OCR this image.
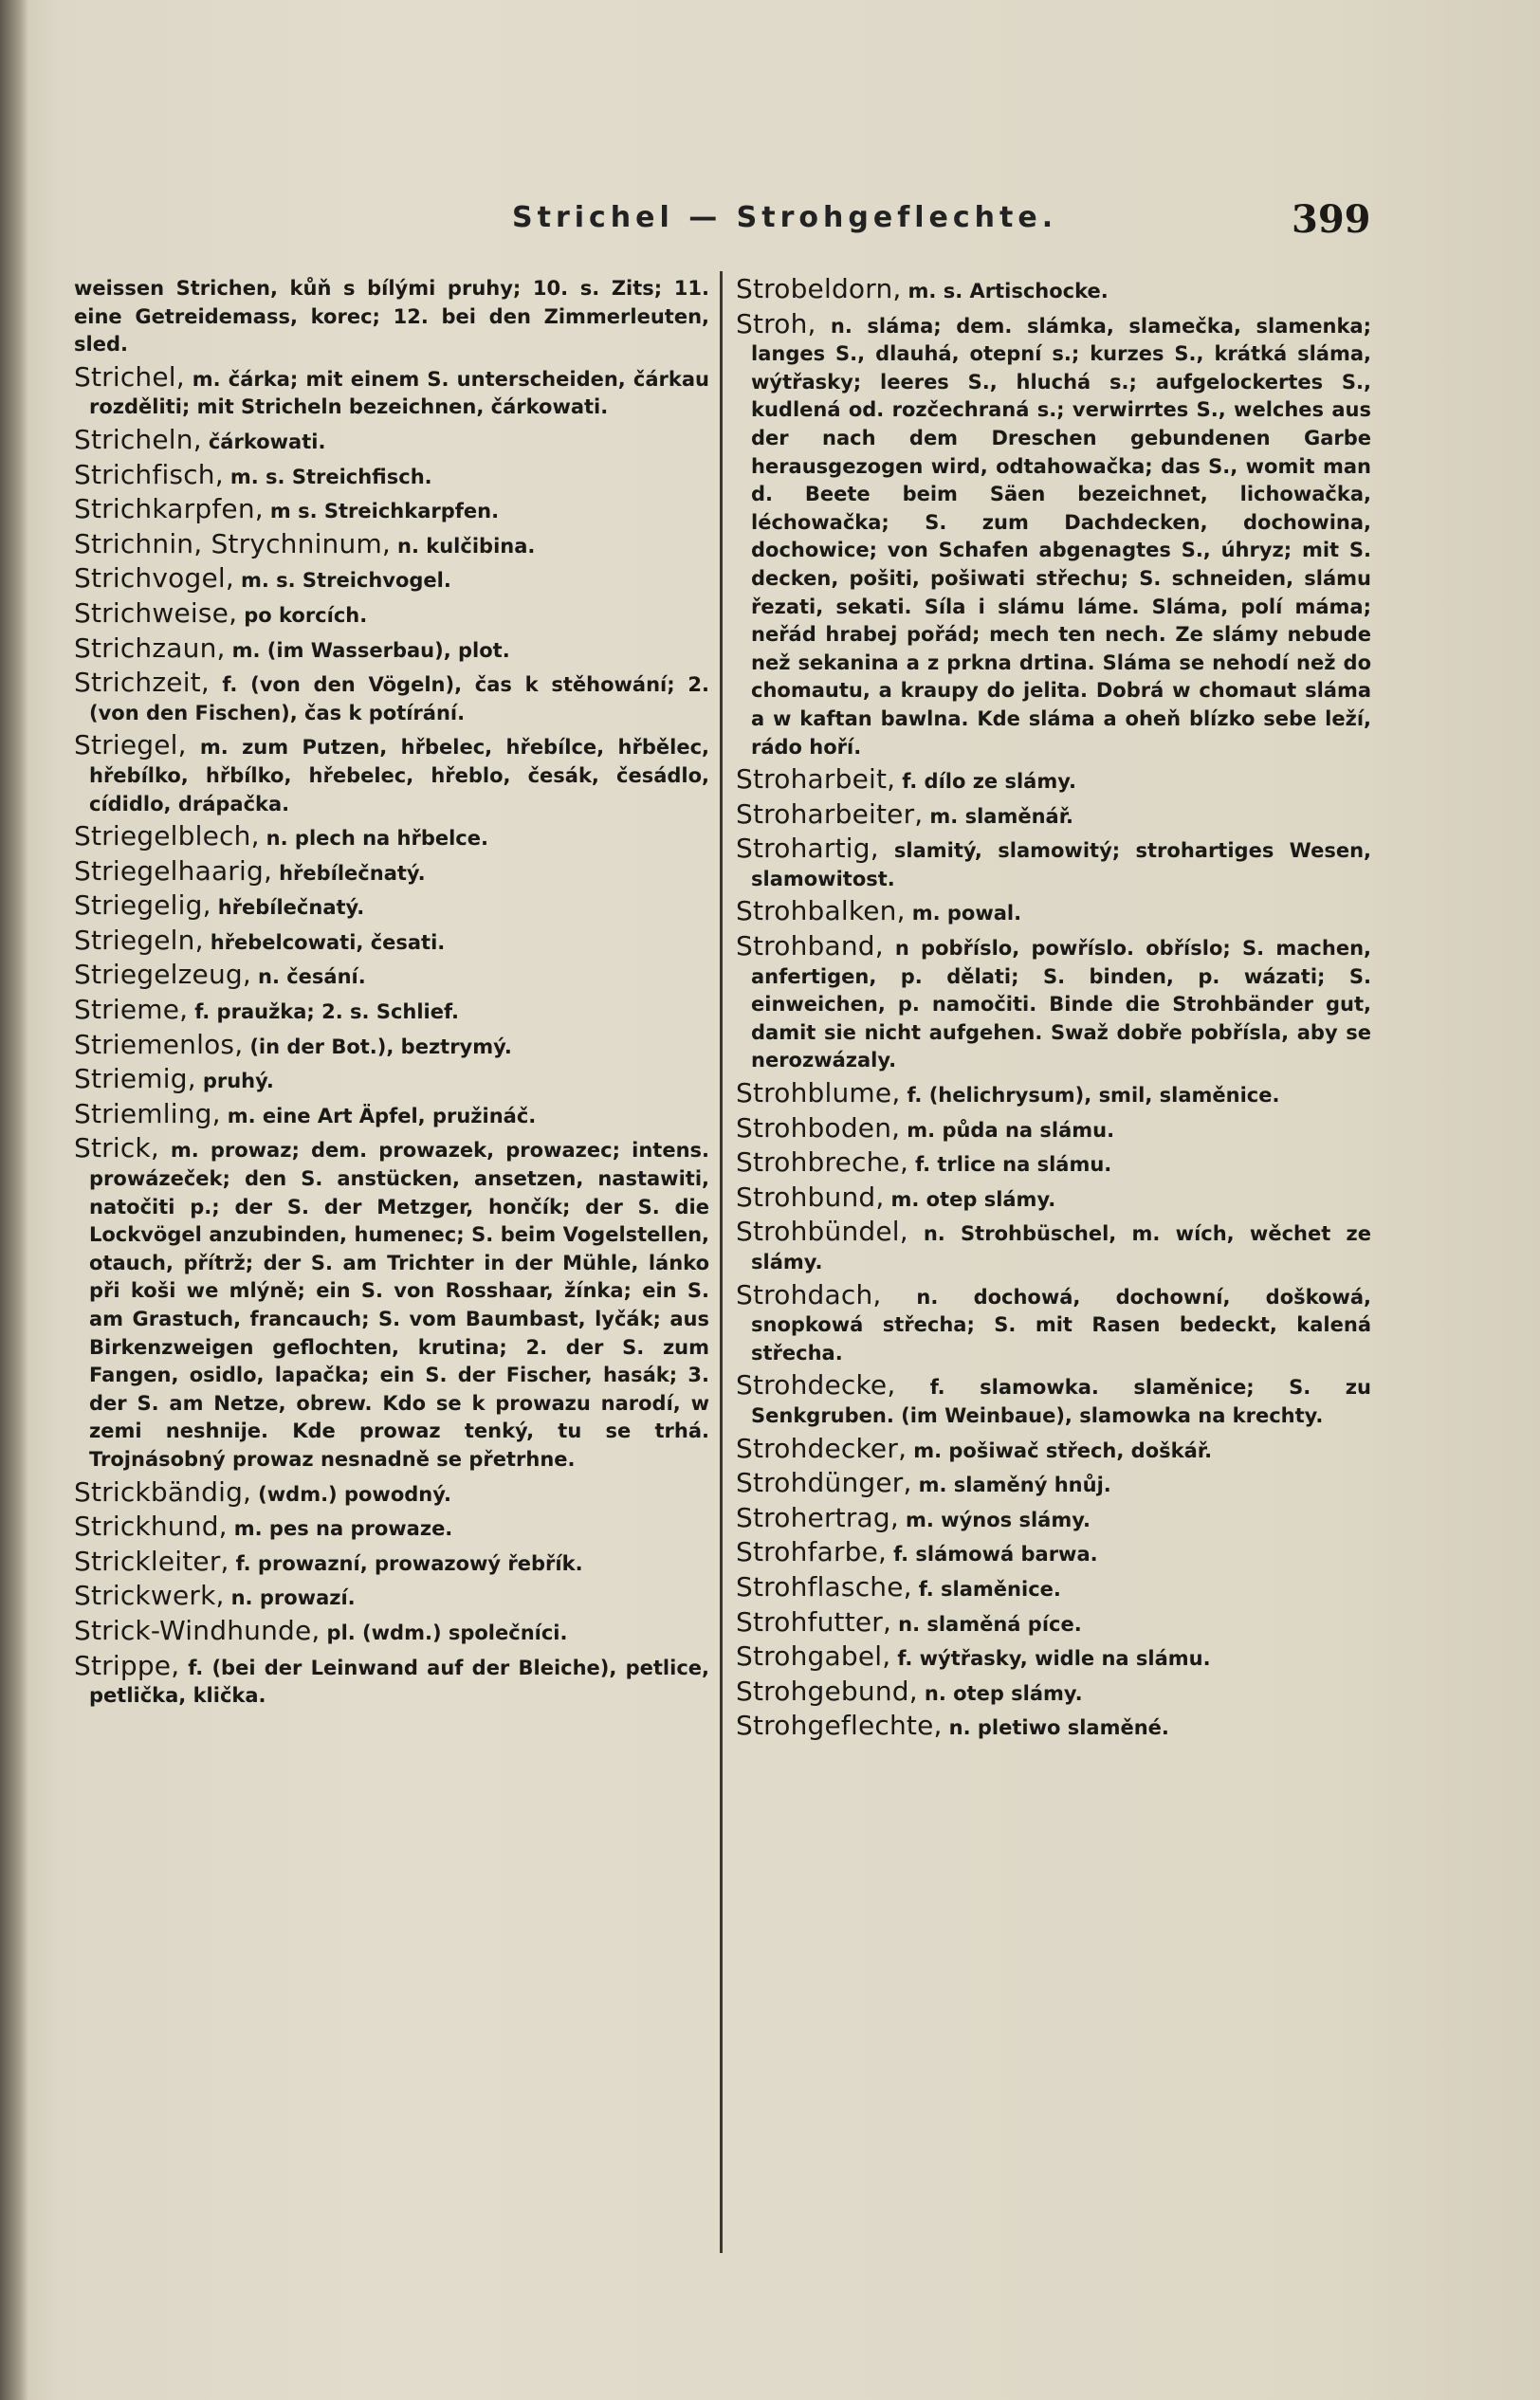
Strichel — Strohgeflechte.	399

weissen Strichen, kůň s bílými pruhy; 10. s. Zits; 11. eine Getreidemass, korec; 12. bei den Zimmerleuten, sled.

Strichel, m. čárka; mit einem S. unterscheiden, čárkau rozděliti; mit Stricheln bezeichnen, čárkowati.

Stricheln, čárkowati.

Strichfisch, m. s. Streichfisch.

Strichkarpfen, m s. Streichkarpfen.

Strichnin, Strychninum, n. kulčibina.

Strichvogel, m. s. Streichvogel.

Strichweise, po korcích.

Strichzaun, m. (im Wasserbau), plot.

Strichzeit, f. (von den Vögeln), čas k stěhowání; 2. (von den Fischen), čas k potírání.

Striegel, m. zum Putzen, hřbelec, hřebílce, hřbělec, hřebílko, hřbílko, hřebelec, hřeblo, česák, česádlo, cídidlo, drápačka.

Striegelblech, n. plech na hřbelce.

Striegelhaarig, hřebílečnatý.

Striegelig, hřebílečnatý.

Striegeln, hřebelcowati, česati.

Striegelzeug, n. česání.

Strieme, f. praužka; 2. s. Schlief.

Striemenlos, (in der Bot.), beztrymý.

Striemig, pruhý.

Striemling, m. eine Art Äpfel, pružináč.

Strick, m. prowaz; dem. prowazek, prowazec; intens. prowázeček; den S. anstücken, ansetzen, nastawiti, natočiti p.; der S. der Metzger, hončík; der S. die Lockvögel anzubinden, humenec; S. beim Vogelstellen, otauch, přítrž; der S. am Trichter in der Mühle, lánko při koši we mlýně; ein S. von Rosshaar, žínka; ein S. am Grastuch, francauch; S. vom Baumbast, lyčák; aus Birkenzweigen geflochten, krutina; 2. der S. zum Fangen, osidlo, lapačka; ein S. der Fischer, hasák; 3. der S. am Netze, obrew. Kdo se k prowazu narodí, w zemi neshnije. Kde prowaz tenký, tu se trhá. Trojnásobný prowaz nesnadně se přetrhne.

Strickbändig, (wdm.) powodný.

Strickhund, m. pes na prowaze.

Strickleiter, f. prowazní, prowazowý řebřík.

Strickwerk, n. prowazí.

Strick-Windhunde, pl. (wdm.) společníci.

Strippe, f. (bei der Leinwand auf der Bleiche), petlice, petlička, klička.

Strobeldorn, m. s. Artischocke.

Stroh, n. sláma; dem. slámka, slamečka, slamenka; langes S., dlauhá, otepní s.; kurzes S., krátká sláma, wýtřasky; leeres S., hluchá s.; aufgelockertes S., kudlená od. rozčechraná s.; verwirrtes S., welches aus der nach dem Dreschen gebundenen Garbe herausgezogen wird, odtahowačka; das S., womit man d. Beete beim Säen bezeichnet, lichowačka, léchowačka; S. zum Dachdecken, dochowina, dochowice; von Schafen abgenagtes S., úhryz; mit S. decken, pošiti, pošiwati střechu; S. schneiden, slámu řezati, sekati. Síla i slámu láme. Sláma, polí máma; neřád hrabej pořád; mech ten nech. Ze slámy nebude než sekanina a z prkna drtina. Sláma se nehodí než do chomautu, a kraupy do jelita. Dobrá w chomaut sláma a w kaftan bawlna. Kde sláma a oheň blízko sebe leží, rádo hoří.

Stroharbeit, f. dílo ze slámy.

Stroharbeiter, m. slaměnář.

Strohartig, slamitý, slamowitý; strohartiges Wesen, slamowitost.

Strohbalken, m. powal.

Strohband, n pobříslo, powříslo. obříslo; S. machen, anfertigen, p. dělati; S. binden, p. wázati; S. einweichen, p. namočiti. Binde die Strohbänder gut, damit sie nicht aufgehen. Swaž dobře pobřísla, aby se nerozwázaly.

Strohblume, f. (helichrysum), smil, slaměnice.

Strohboden, m. půda na slámu.

Strohbreche, f. trlice na slámu.

Strohbund, m. otep slámy.

Strohbündel, n. Strohbüschel, m. wích, wěchet ze slámy.

Strohdach, n. dochowá, dochowní, doškowá, snopkowá střecha; S. mit Rasen bedeckt, kalená střecha.

Strohdecke, f. slamowka. slaměnice; S. zu Senkgruben. (im Weinbaue), slamowka na krechty.

Strohdecker, m. pošiwač střech, doškář.

Strohdünger, m. slaměný hnůj.

Strohertrag, m. wýnos slámy.

Strohfarbe, f. slámowá barwa.

Strohflasche, f. slaměnice.

Strohfutter, n. slaměná píce.

Strohgabel, f. wýtřasky, widle na slámu.

Strohgebund, n. otep slámy.

Strohgeflechte, n. pletiwo slaměné.
